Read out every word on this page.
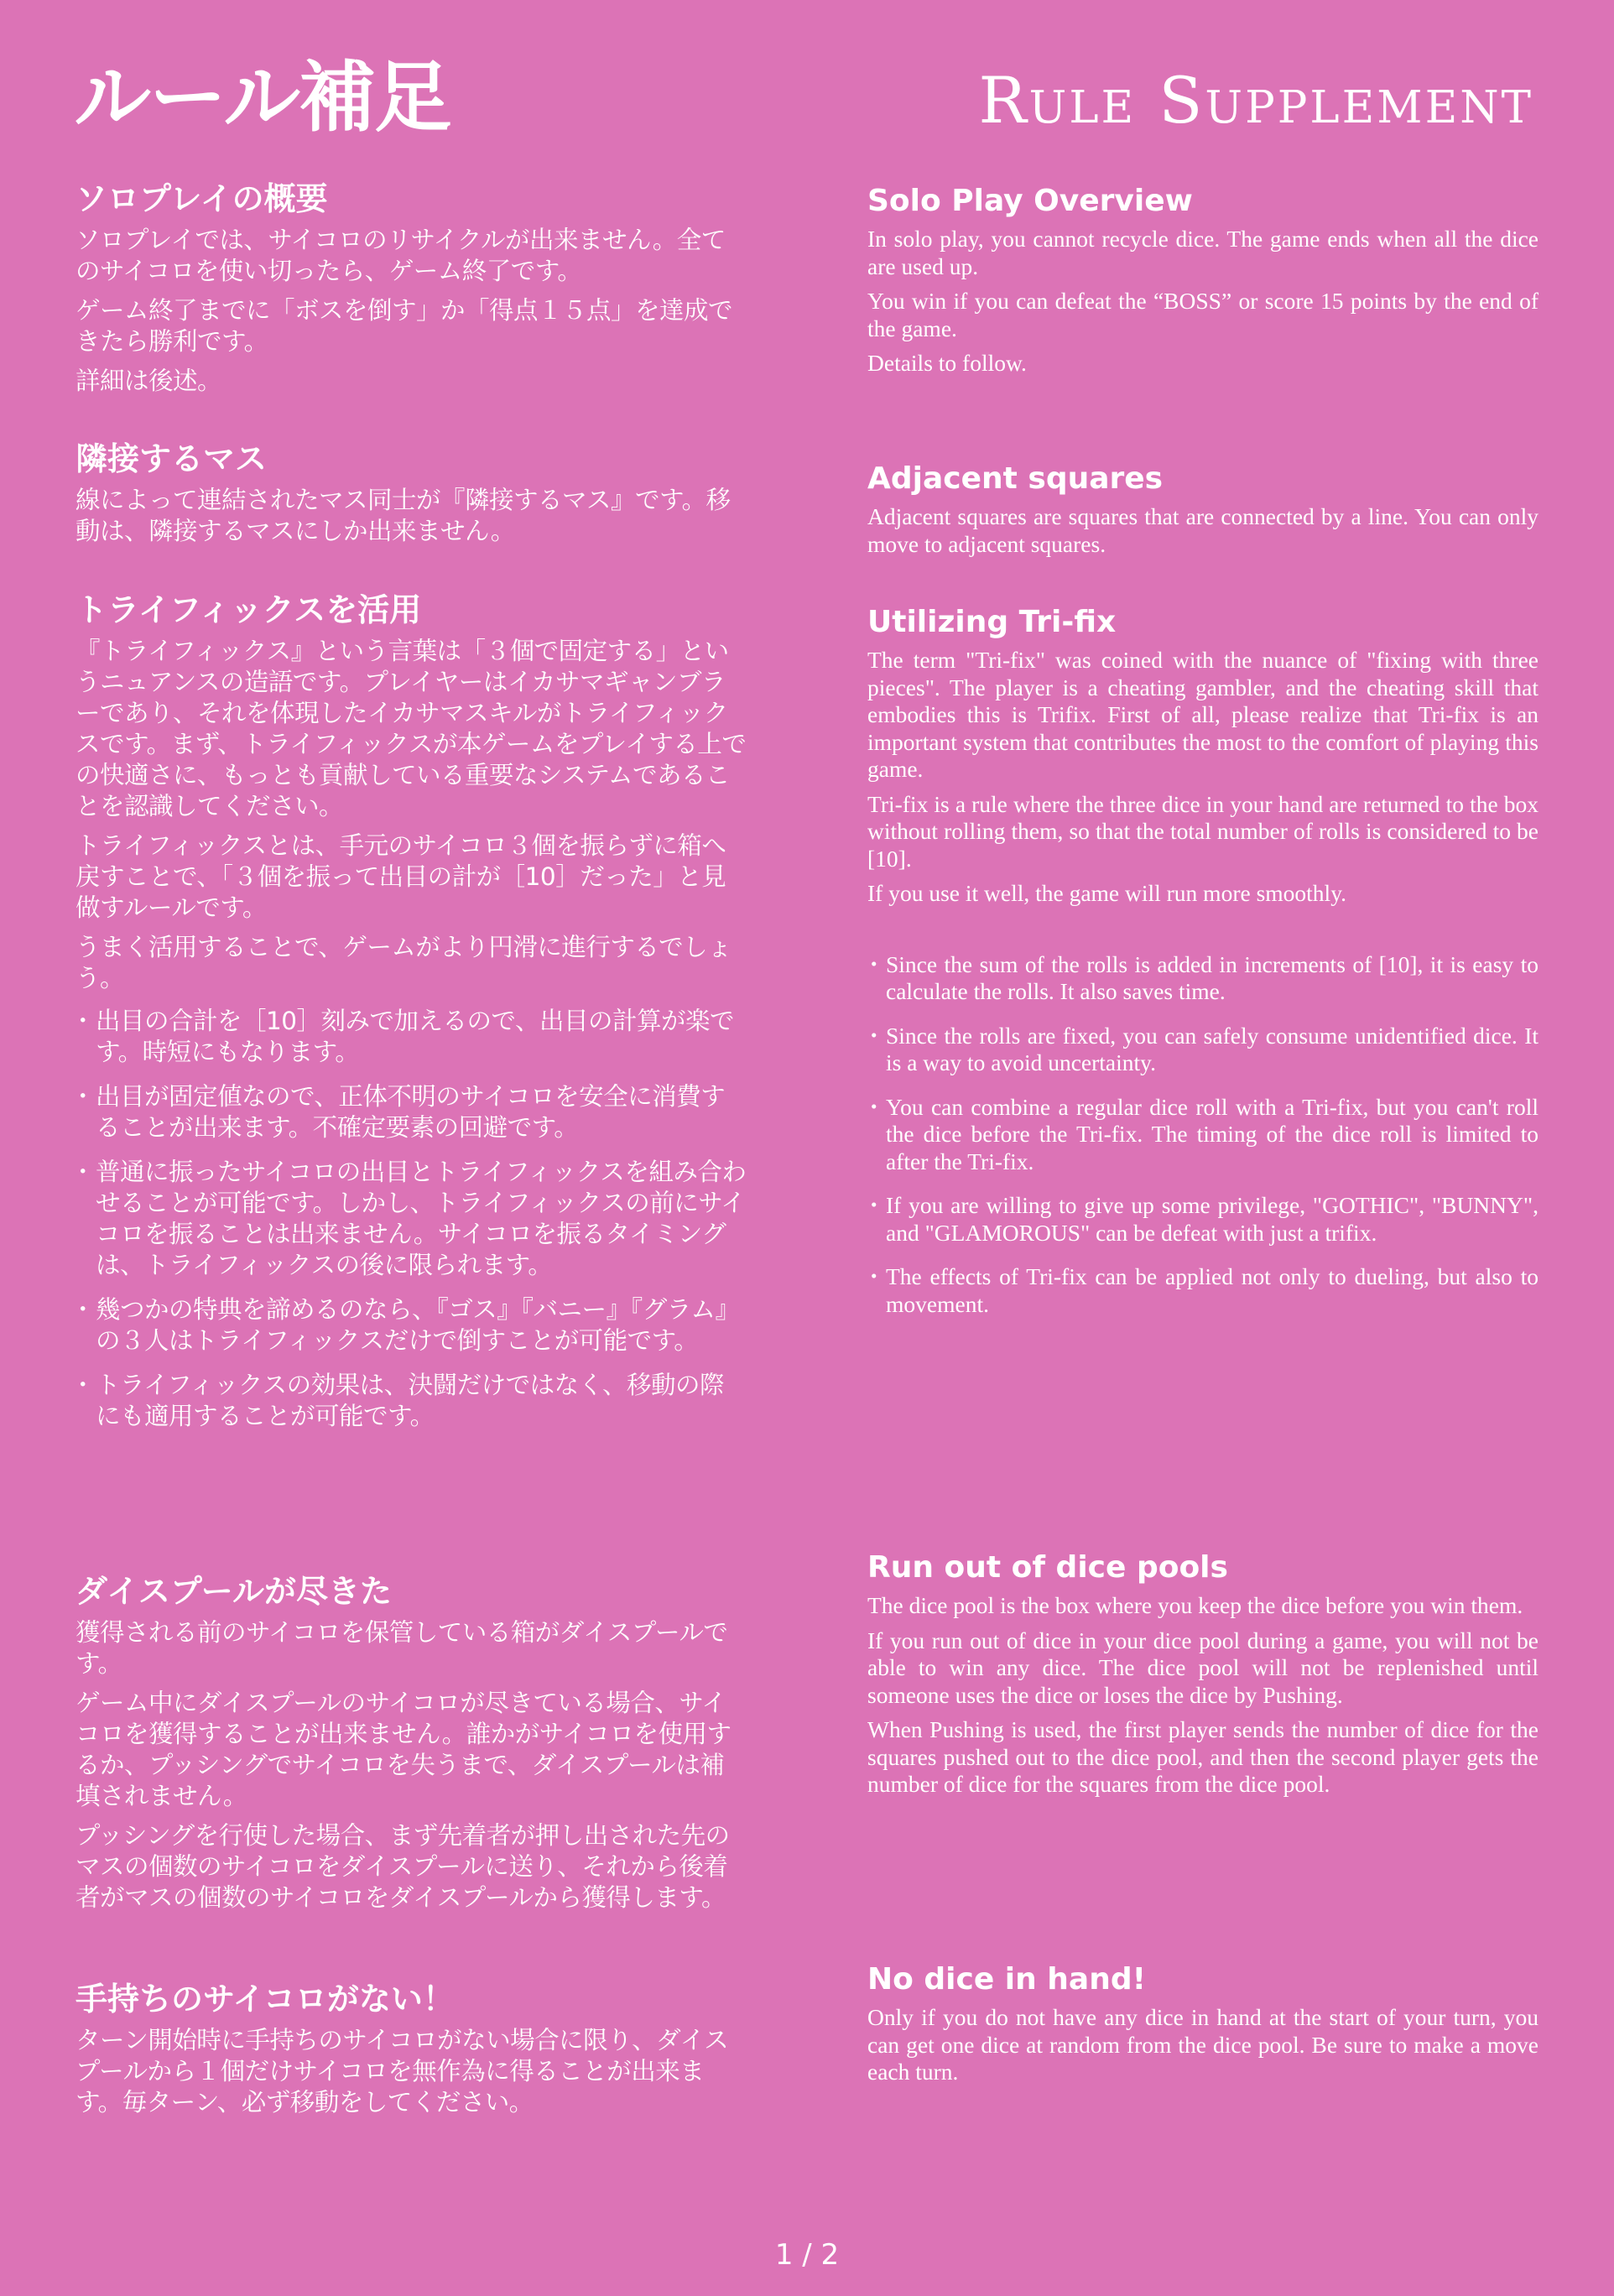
ルール補足	Rule Supplement
ソロプレイの概要

ソロプレイでは、サイコロのリサイクルが出来ません。全てのサイコロを使い切ったら、ゲーム終了です。

ゲーム終了までに「ボスを倒す」か「得点１５点」を達成できたら勝利です。

詳細は後述。

隣接するマス

線によって連結されたマス同士が『隣接するマス』です。移動は、隣接するマスにしか出来ません。

トライフィックスを活用

『トライフィックス』という言葉は「３個で固定する」というニュアンスの造語です。プレイヤーはイカサマギャンブラーであり、それを体現したイカサマスキルがトライフィックスです。まず、トライフィックスが本ゲームをプレイする上での快適さに、もっとも貢献している重要なシステムであることを認識してください。

トライフィックスとは、手元のサイコロ３個を振らずに箱へ戻すことで、「３個を振って出目の計が［10］だった」と見做すルールです。

うまく活用することで、ゲームがより円滑に進行するでしょう。

・ 出目の合計を［10］刻みで加えるので、出目の計算が楽です。時短にもなります。
・ 出目が固定値なので、正体不明のサイコロを安全に消費することが出来ます。不確定要素の回避です。
・ 普通に振ったサイコロの出目とトライフィックスを組み合わせることが可能です。しかし、トライフィックスの前にサイコロを振ることは出来ません。サイコロを振るタイミングは、トライフィックスの後に限られます。
・ 幾つかの特典を諦めるのなら、『ゴス』『バニー』『グラム』の３人はトライフィックスだけで倒すことが可能です。
・ トライフィックスの効果は、決闘だけではなく、移動の際にも適用することが可能です。
ダイスプールが尽きた

獲得される前のサイコロを保管している箱がダイスプールです。

ゲーム中にダイスプールのサイコロが尽きている場合、サイコロを獲得することが出来ません。誰かがサイコロを使用するか、プッシングでサイコロを失うまで、ダイスプールは補填されません。

プッシングを行使した場合、まず先着者が押し出された先のマスの個数のサイコロをダイスプールに送り、それから後着者がマスの個数のサイコロをダイスプールから獲得します。

手持ちのサイコロがない！

ターン開始時に手持ちのサイコロがない場合に限り、ダイスプールから１個だけサイコロを無作為に得ることが出来ます。毎ターン、必ず移動をしてください。

Solo Play Overview

In solo play, you cannot recycle dice. The game ends when all the dice are used up.

You win if you can defeat the “BOSS” or score 15 points by the end of the game.

Details to follow.

Adjacent squares

Adjacent squares are squares that are connected by a line. You can only move to adjacent squares.

Utilizing Tri-fix

The term "Tri-fix" was coined with the nuance of "fixing with three pieces". The player is a cheating gambler, and the cheating skill that embodies this is Trifix. First of all, please realize that Tri-fix is an important system that contributes the most to the comfort of playing this game.

Tri-fix is a rule where the three dice in your hand are returned to the box without rolling them, so that the total number of rolls is considered to be [10].

If you use it well, the game will run more smoothly.

・ Since the sum of the rolls is added in increments of [10], it is easy to calculate the rolls. It also saves time.
・ Since the rolls are fixed, you can safely consume unidentified dice. It is a way to avoid uncertainty.
・ You can combine a regular dice roll with a Tri-fix, but you can't roll the dice before the Tri-fix. The timing of the dice roll is limited to after the Tri-fix.
・ If you are willing to give up some privilege, "GOTHIC", "BUNNY", and "GLAMOROUS" can be defeat with just a trifix.
・ The effects of Tri-fix can be applied not only to dueling, but also to movement.
Run out of dice pools

The dice pool is the box where you keep the dice before you win them.

If you run out of dice in your dice pool during a game, you will not be able to win any dice. The dice pool will not be replenished until someone uses the dice or loses the dice by Pushing.

When Pushing is used, the first player sends the number of dice for the squares pushed out to the dice pool, and then the second player gets the number of dice for the squares from the dice pool.

No dice in hand!

Only if you do not have any dice in hand at the start of your turn, you can get one dice at random from the dice pool. Be sure to make a move each turn.

1 / 2
